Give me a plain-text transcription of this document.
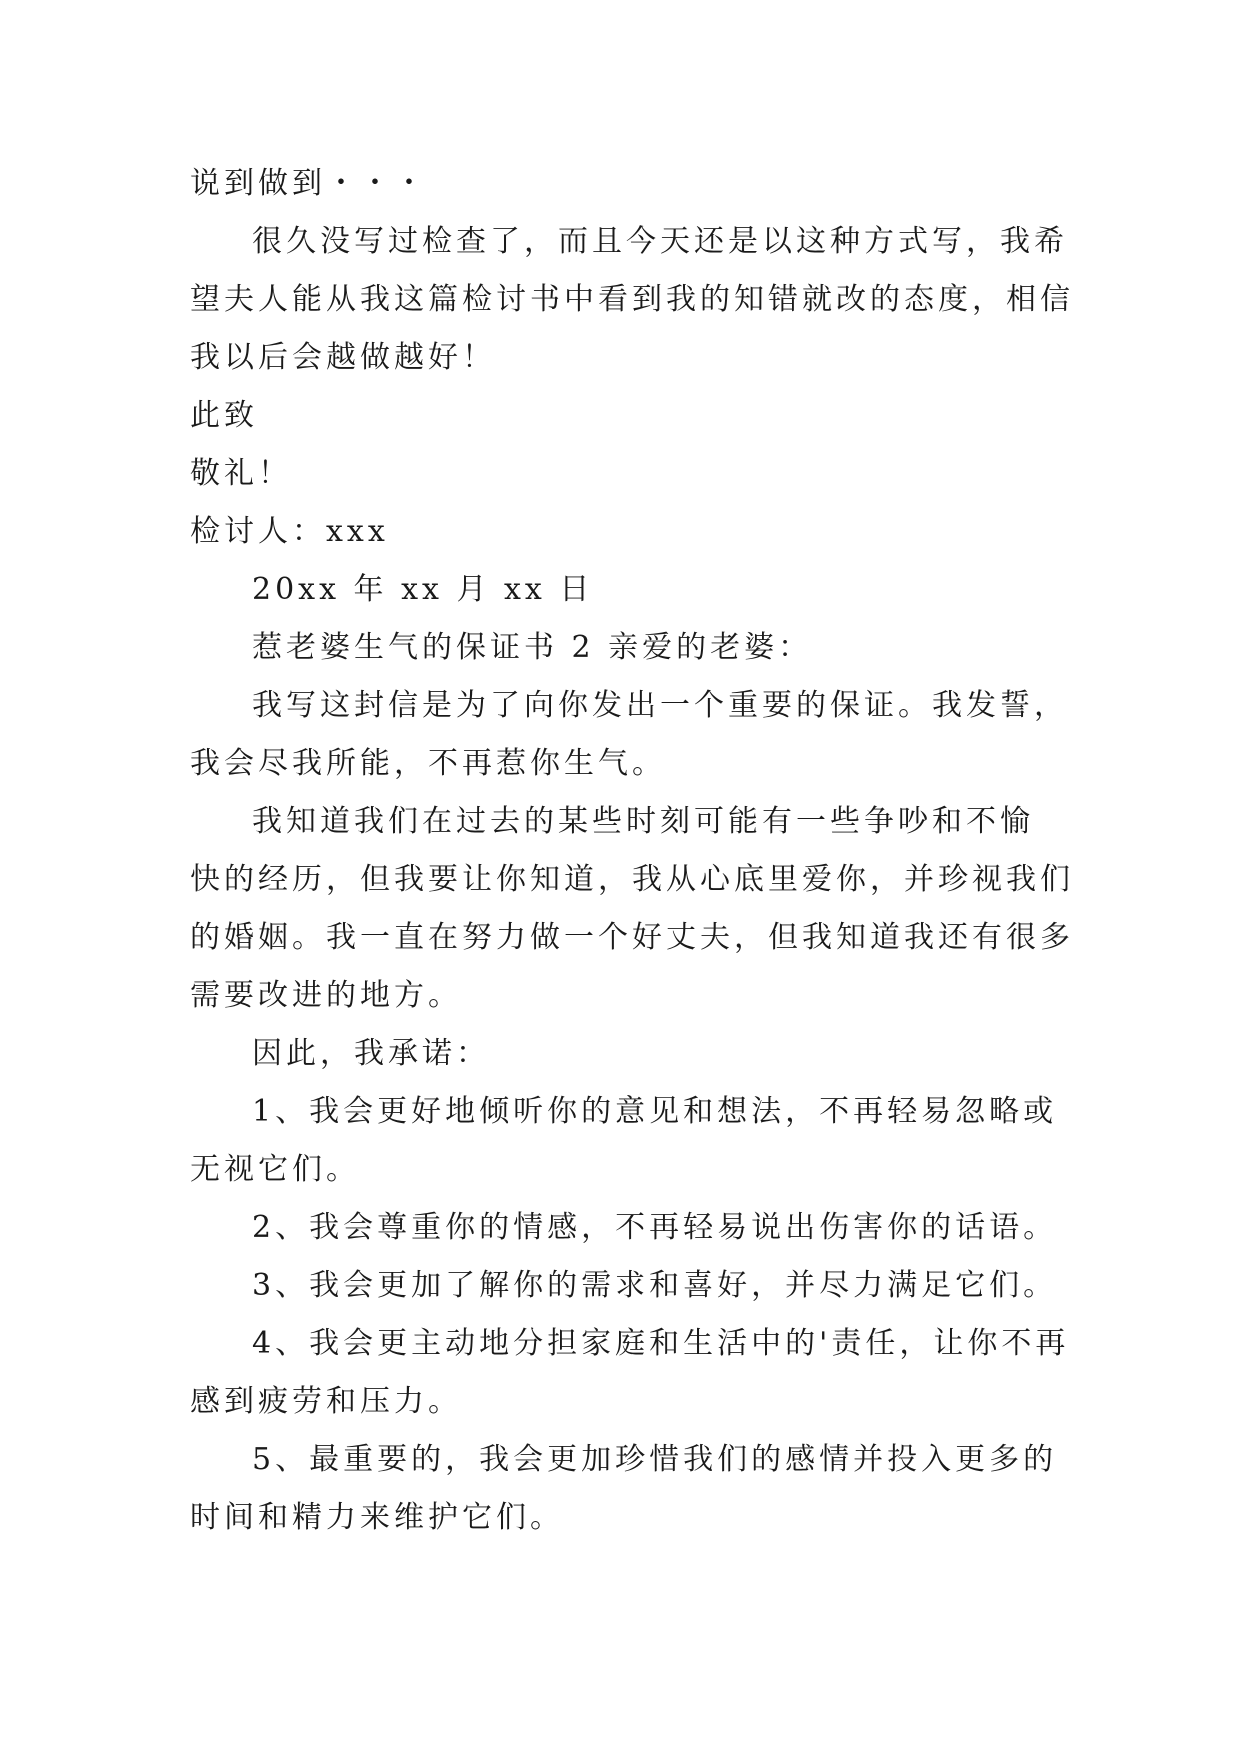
说到做到・・・
很久没写过检查了，而且今天还是以这种方式写，我希
望夫人能从我这篇检讨书中看到我的知错就改的态度，相信
我以后会越做越好！
此致
敬礼！
检讨人：xxx
20xx 年 xx 月 xx 日
惹老婆生气的保证书 2 亲爱的老婆：
我写这封信是为了向你发出一个重要的保证。我发誓，
我会尽我所能，不再惹你生气。
我知道我们在过去的某些时刻可能有一些争吵和不愉
快的经历，但我要让你知道，我从心底里爱你，并珍视我们
的婚姻。我一直在努力做一个好丈夫，但我知道我还有很多
需要改进的地方。
因此，我承诺：
1、我会更好地倾听你的意见和想法，不再轻易忽略或
无视它们。
2、我会尊重你的情感，不再轻易说出伤害你的话语。
3、我会更加了解你的需求和喜好，并尽力满足它们。
4、我会更主动地分担家庭和生活中的'责任，让你不再
感到疲劳和压力。
5、最重要的，我会更加珍惜我们的感情并投入更多的
时间和精力来维护它们。
